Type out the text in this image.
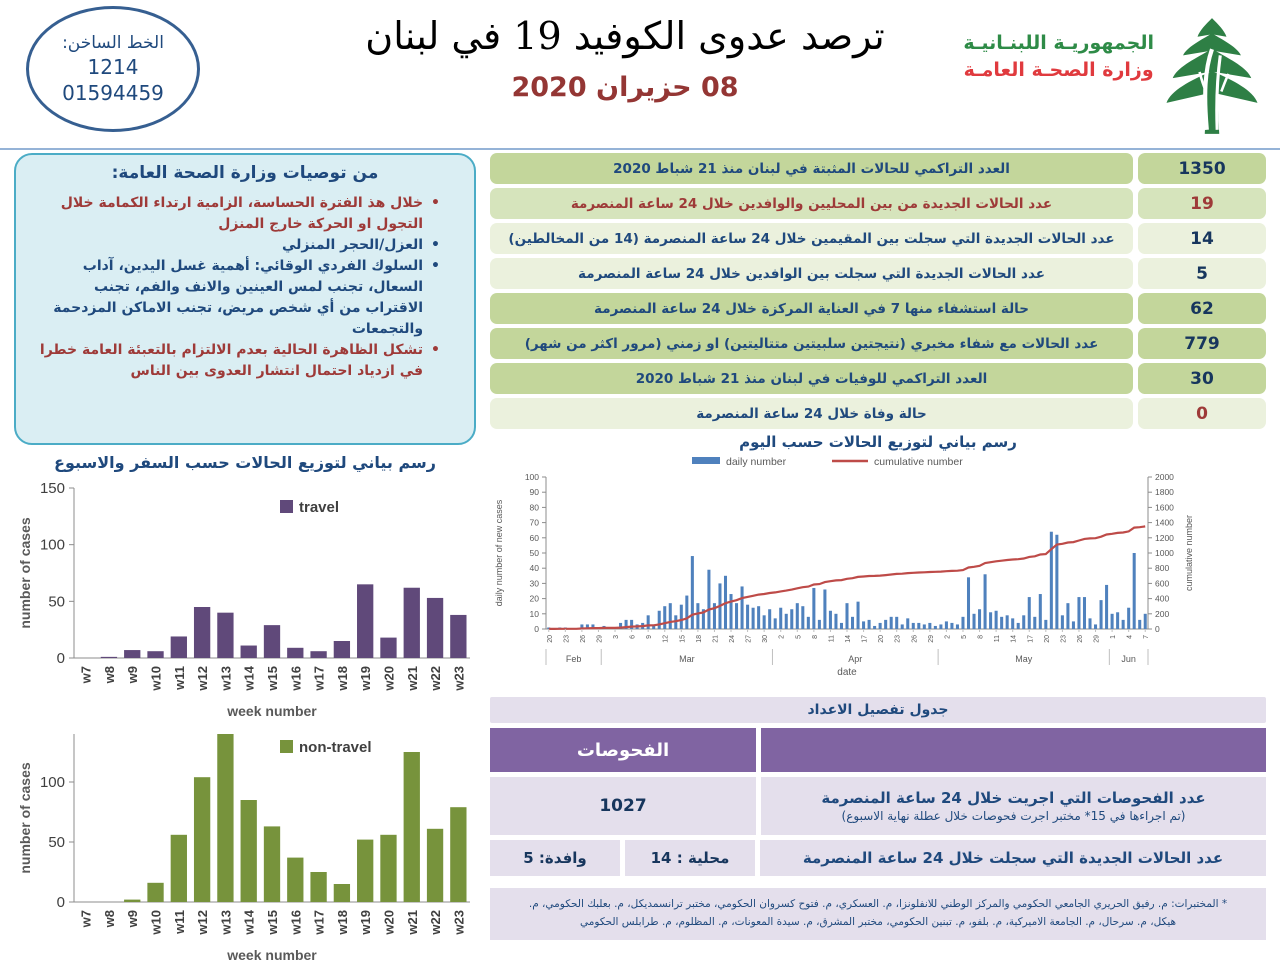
الخط الساخن:
1214
01594459
ترصد عدوى الكوفيد 19 في لبنان
08 حزيران 2020
الجمهوريـة اللبنـانيـة
وزارة الصحـة العامـة
من توصيات وزارة الصحة العامة:
•
خلال هذ الفترة الحساسة، الزامية ارتداء الكمامة خلال التجول او الحركة خارج المنزل
•
العزل/الحجر المنزلي
•
السلوك الفردي الوقائي: أهمية غسل اليدين، آداب السعال، تجنب لمس العينين والانف والفم، تجنب الاقتراب من أي شخص مريض، تجنب الاماكن المزدحمة والتجمعات
•
تشكل الظاهرة الحالية بعدم الالتزام بالتعبئة العامة خطرا في ازدياد احتمال انتشار العدوى بين الناس
رسم بياني لتوزيع الحالات حسب السفر والاسبوع
0
50
100
150
w7 w8 w9 w10 w11 w12 w13 w14 w15 w16 w17 w18 w19 w20 w21 w22 w23
travel
number of cases
week number
0
50
100
w7 w8 w9 w10 w11 w12 w13 w14 w15 w16 w17 w18 w19 w20 w21 w22 w23
non-travel
number of cases
week number
العدد التراكمي للحالات المثبتة في لبنان منذ 21 شباط 2020	1350
عدد الحالات الجديدة من بين المحليين والوافدين خلال 24 ساعة المنصرمة	19
عدد الحالات الجديدة التي سجلت بين المقيمين خلال 24 ساعة المنصرمة (14 من المخالطين)	14
عدد الحالات الجديدة التي سجلت بين الوافدين خلال 24 ساعة المنصرمة	5
حالة استشفاء منها 7 في العناية المركزة خلال 24 ساعة المنصرمة	62
عدد الحالات مع شفاء مخبري (نتيجتين سلبيتين متتاليتين) او زمني (مرور اكثر من شهر)	779
العدد التراكمي للوفيات في لبنان منذ 21 شباط 2020	30
حالة وفاة خلال 24 ساعة المنصرمة	0
رسم بياني لتوزيع الحالات حسب اليوم
0
10
20
30
40
50
60
70
80
90
100
0
200
400
600
800
1000
1200
1400
1600
1800
2000
20 23 26 29 3 6 9 12 15 18 21 24 27 30 2 5 8 11 14 17 20 23 26 29 2 5 8 11 14 17 20 23 26 29 1 4 7
Feb	Mar	Apr	May	Jun
date
daily number	cumulative number
daily number of new cases	cumulative number
جدول تفصيل الاعداد
الفحوصات
1027	عدد الفحوصات التي اجريت خلال 24 ساعة المنصرمة
(تم اجراءها في 15* مختبر اجرت فحوصات خلال عطلة نهاية الاسبوع)
وافدة: 5	محلية : 14	عدد الحالات الجديدة التي سجلت خلال 24 ساعة المنصرمة
* المختبرات: م. رفيق الحريري الجامعي الحكومي والمركز الوطني للانفلونزا، م. العسكري، م. فتوح كسروان الحكومي، مختبر ترانسمديكل، م. بعلبك الحكومي، م.
هيكل، م. سرحال، م. الجامعة الاميركية، م. بلفو، م. تبنين الحكومي، مختبر المشرق، م. سيدة المعونات، م. المظلوم، م. طرابلس الحكومي
